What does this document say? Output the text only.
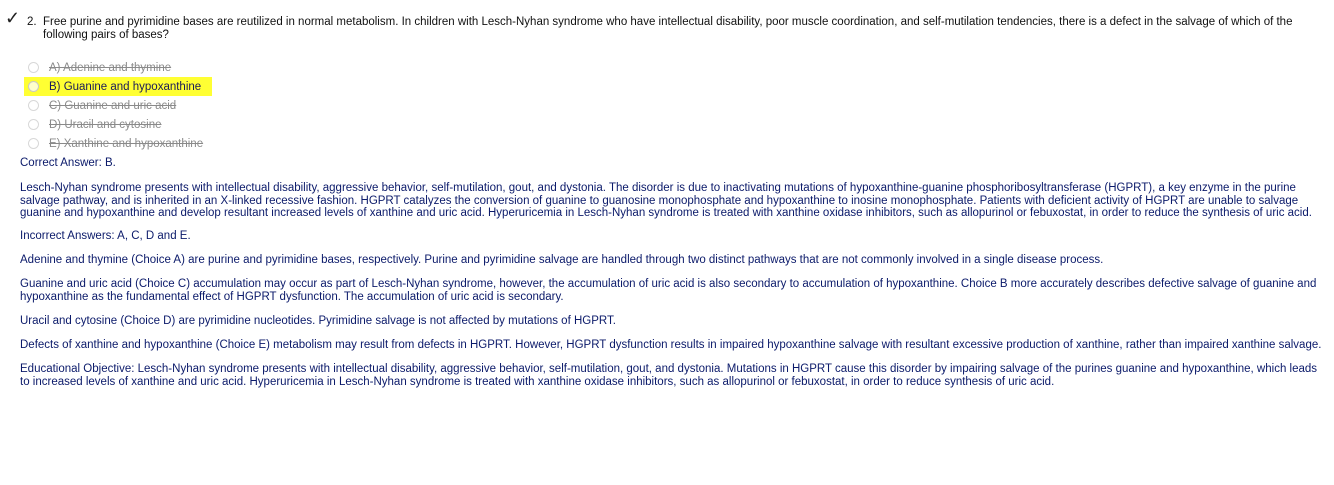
✓ 2. Free purine and pyrimidine bases are reutilized in normal metabolism. In children with Lesch-Nyhan syndrome who have intellectual disability, poor muscle coordination, and self-mutilation tendencies, there is a defect in the salvage of which of the following pairs of bases?
A) Adenine and thymine
B) Guanine and hypoxanthine
C) Guanine and uric acid
D) Uracil and cytosine
E) Xanthine and hypoxanthine
Correct Answer: B.
Lesch-Nyhan syndrome presents with intellectual disability, aggressive behavior, self-mutilation, gout, and dystonia. The disorder is due to inactivating mutations of hypoxanthine-guanine phosphoribosyltransferase (HGPRT), a key enzyme in the purine salvage pathway, and is inherited in an X-linked recessive fashion. HGPRT catalyzes the conversion of guanine to guanosine monophosphate and hypoxanthine to inosine monophosphate. Patients with deficient activity of HGPRT are unable to salvage guanine and hypoxanthine and develop resultant increased levels of xanthine and uric acid. Hyperuricemia in Lesch-Nyhan syndrome is treated with xanthine oxidase inhibitors, such as allopurinol or febuxostat, in order to reduce the synthesis of uric acid.
Incorrect Answers: A, C, D and E.
Adenine and thymine (Choice A) are purine and pyrimidine bases, respectively. Purine and pyrimidine salvage are handled through two distinct pathways that are not commonly involved in a single disease process.
Guanine and uric acid (Choice C) accumulation may occur as part of Lesch-Nyhan syndrome, however, the accumulation of uric acid is also secondary to accumulation of hypoxanthine. Choice B more accurately describes defective salvage of guanine and hypoxanthine as the fundamental effect of HGPRT dysfunction. The accumulation of uric acid is secondary.
Uracil and cytosine (Choice D) are pyrimidine nucleotides. Pyrimidine salvage is not affected by mutations of HGPRT.
Defects of xanthine and hypoxanthine (Choice E) metabolism may result from defects in HGPRT. However, HGPRT dysfunction results in impaired hypoxanthine salvage with resultant excessive production of xanthine, rather than impaired xanthine salvage.
Educational Objective: Lesch-Nyhan syndrome presents with intellectual disability, aggressive behavior, self-mutilation, gout, and dystonia. Mutations in HGPRT cause this disorder by impairing salvage of the purines guanine and hypoxanthine, which leads to increased levels of xanthine and uric acid. Hyperuricemia in Lesch-Nyhan syndrome is treated with xanthine oxidase inhibitors, such as allopurinol or febuxostat, in order to reduce synthesis of uric acid.
